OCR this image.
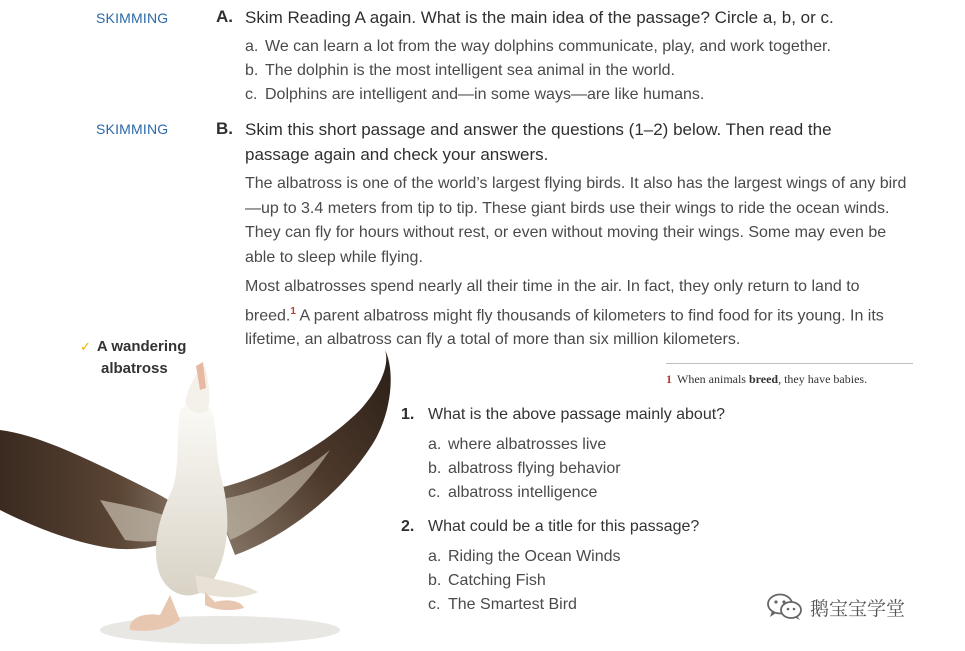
SKIMMING	A. Skim Reading A again. What is the main idea of the passage? Circle a, b, or c.
a. We can learn a lot from the way dolphins communicate, play, and work together.
b. The dolphin is the most intelligent sea animal in the world.
c. Dolphins are intelligent and—in some ways—are like humans.
SKIMMING	B. Skim this short passage and answer the questions (1–2) below. Then read the
passage again and check your answers.

The albatross is one of the world’s largest flying birds. It also has the largest wings of any bird—up to 3.4 meters from tip to tip. These giant birds use their wings to ride the ocean winds. They can fly for hours without rest, or even without moving their wings. Some may even be able to sleep while flying.

Most albatrosses spend nearly all their time in the air. In fact, they only return to land to breed.$^1$ A parent albatross might fly thousands of kilometers to find food for its young. In its lifetime, an albatross can fly a total of more than six million kilometers.

✓ A wandering
albatross
1 When animals breed, they have babies.
1. What is the above passage mainly about?
a. where albatrosses live
b. albatross flying behavior
c. albatross intelligence
2. What could be a title for this passage?
a. Riding the Ocean Winds
b. Catching Fish
c. The Smartest Bird	鹅宝宝学堂
